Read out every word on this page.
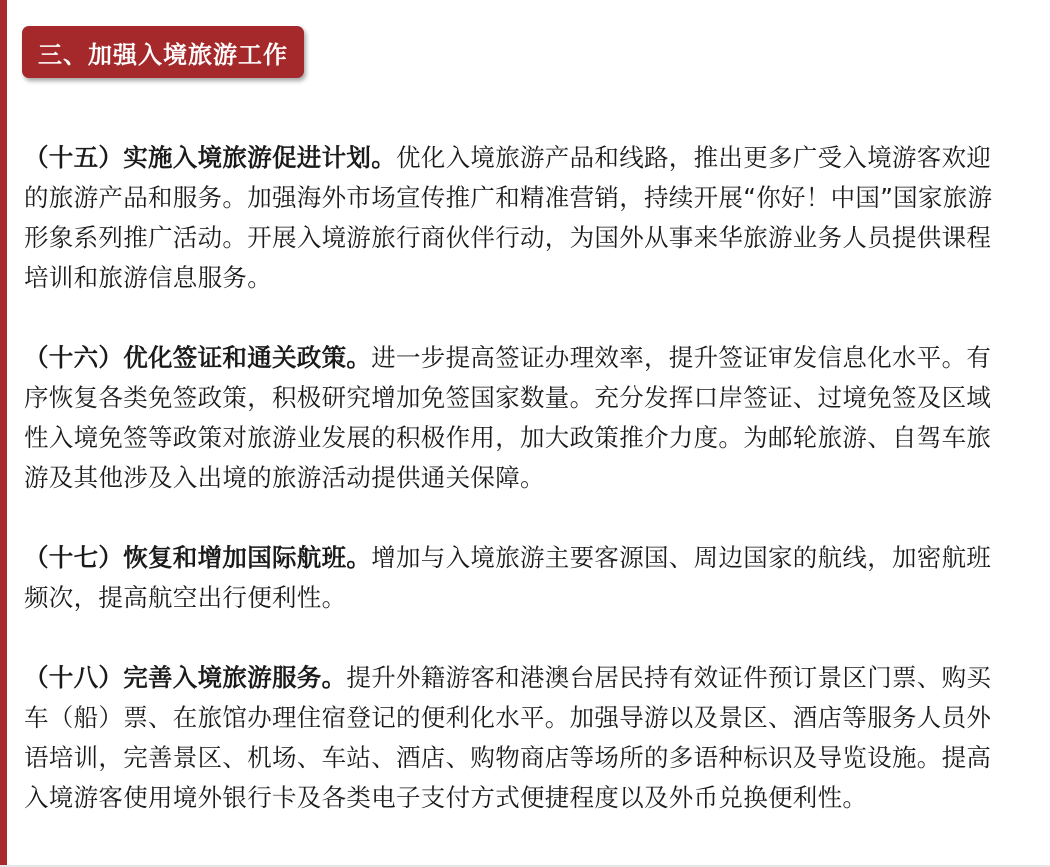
三、加强入境旅游工作

（十五）实施入境旅游促进计划。优化入境旅游产品和线路，推出更多广受入境游客欢迎的旅游产品和服务。加强海外市场宣传推广和精准营销，持续开展“你好！中国”国家旅游形象系列推广活动。开展入境游旅行商伙伴行动，为国外从事来华旅游业务人员提供课程培训和旅游信息服务。

（十六）优化签证和通关政策。进一步提高签证办理效率，提升签证审发信息化水平。有序恢复各类免签政策，积极研究增加免签国家数量。充分发挥口岸签证、过境免签及区域性入境免签等政策对旅游业发展的积极作用，加大政策推介力度。为邮轮旅游、自驾车旅游及其他涉及入出境的旅游活动提供通关保障。

（十七）恢复和增加国际航班。增加与入境旅游主要客源国、周边国家的航线，加密航班频次，提高航空出行便利性。

（十八）完善入境旅游服务。提升外籍游客和港澳台居民持有效证件预订景区门票、购买车（船）票、在旅馆办理住宿登记的便利化水平。加强导游以及景区、酒店等服务人员外语培训，完善景区、机场、车站、酒店、购物商店等场所的多语种标识及导览设施。提高入境游客使用境外银行卡及各类电子支付方式便捷程度以及外币兑换便利性。
